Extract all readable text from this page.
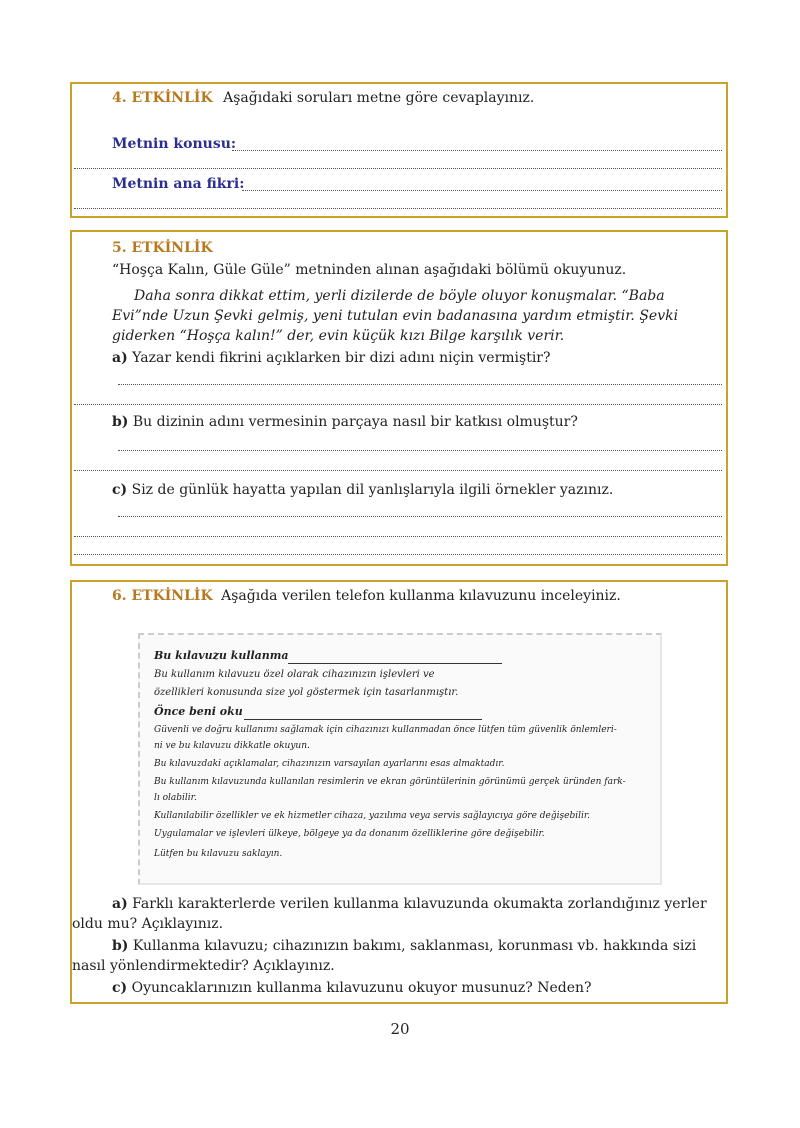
4. ETKİNLİK Aşağıdaki soruları metne göre cevaplayınız.
Metnin konusu:
Metnin ana fikri:
5. ETKİNLİK
“Hoşça Kalın, Güle Güle” metninden alınan aşağıdaki bölümü okuyunuz.
Daha sonra dikkat ettim, yerli dizilerde de böyle oluyor konuşmalar. “Baba
Evi”nde Uzun Şevki gelmiş, yeni tutulan evin badanasına yardım etmiştir. Şevki
giderken “Hoşça kalın!” der, evin küçük kızı Bilge karşılık verir.
a) Yazar kendi fikrini açıklarken bir dizi adını niçin vermiştir?
b) Bu dizinin adını vermesinin parçaya nasıl bir katkısı olmuştur?
c) Siz de günlük hayatta yapılan dil yanlışlarıyla ilgili örnekler yazınız.
6. ETKİNLİK Aşağıda verilen telefon kullanma kılavuzunu inceleyiniz.
a) Farklı karakterlerde verilen kullanma kılavuzunda okumakta zorlandığınız yerler
oldu mu? Açıklayınız.
b) Kullanma kılavuzu; cihazınızın bakımı, saklanması, korunması vb. hakkında sizi
nasıl yönlendirmektedir? Açıklayınız.
c) Oyuncaklarınızın kullanma kılavuzunu okuyor musunuz? Neden?
Bu kılavuzu kullanma
Bu kullanım kılavuzu özel olarak cihazınızın işlevleri ve
özellikleri konusunda size yol göstermek için tasarlanmıştır.
Önce beni oku
Güvenli ve doğru kullanımı sağlamak için cihazınızı kullanmadan önce lütfen tüm güvenlik önlemleri-
ni ve bu kılavuzu dikkatle okuyun.
Bu kılavuzdaki açıklamalar, cihazınızın varsayılan ayarlarını esas almaktadır.
Bu kullanım kılavuzunda kullanılan resimlerin ve ekran görüntülerinin görünümü gerçek üründen fark-
lı olabilir.
Kullanılabilir özellikler ve ek hizmetler cihaza, yazılıma veya servis sağlayıcıya göre değişebilir.
Uygulamalar ve işlevleri ülkeye, bölgeye ya da donanım özelliklerine göre değişebilir.
Lütfen bu kılavuzu saklayın.
20
